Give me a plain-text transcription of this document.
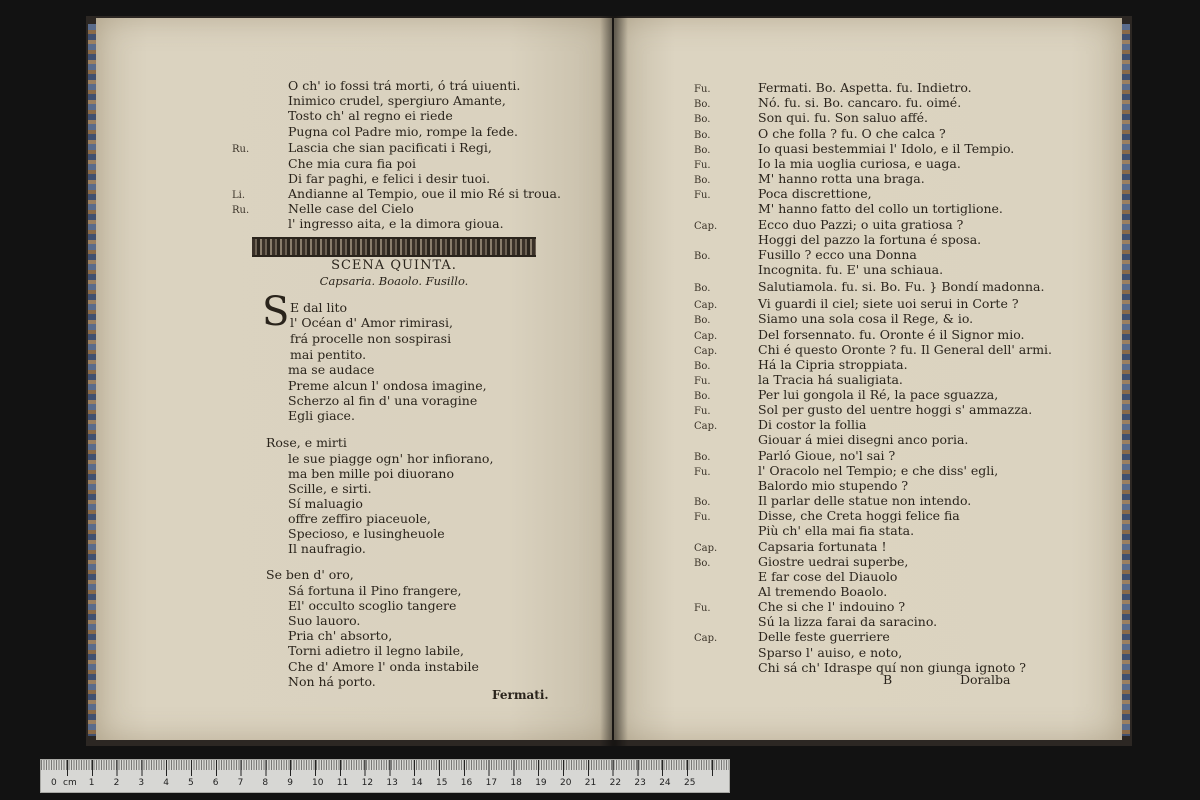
O ch' io fossi trá morti, ó trá uiuenti.
Inimico crudel, spergiuro Amante,
Tosto ch' al regno ei riede
Pugna col Padre mio, rompe la fede.
Ru.	Lascia che sian pacificati i Regi,
Che mia cura fia poi
Di far paghi, e felici i desir tuoi.
Li.	Andianne al Tempio, oue il mio Ré si troua.
Ru.	Nelle case del Cielo
l' ingresso aita, e la dimora gioua.
SCENA QUINTA.
Capsaria. Boaolo. Fusillo.
S E dal lito
l' Océan d' Amor rimirasi,
frá procelle non sospirasi
mai pentito.
ma se audace
Preme alcun l' ondosa imagine,
Scherzo al fin d' una voragine
Egli giace.
Rose, e mirti
le sue piagge ogn' hor infiorano,
ma ben mille poi diuorano
Scille, e sirti.
Sí maluagio
offre zeffiro piaceuole,
Specioso, e lusingheuole
Il naufragio.
Se ben d' oro,
Sá fortuna il Pino frangere,
El' occulto scoglio tangere
Suo lauoro.
Pria ch' absorto,
Torni adietro il legno labile,
Che d' Amore l' onda instabile
Non há porto.
Fermati.
Fu.	Fermati. Bo. Aspetta. fu. Indietro.
Bo.	Nó. fu. si. Bo. cancaro. fu. oimé.
Bo.	Son qui. fu. Son saluo affé.
Bo.	O che folla ? fu. O che calca ?
Bo.	Io quasi bestemmiai l' Idolo, e il Tempio.
Fu.	Io la mia uoglia curiosa, e uaga.
Bo.	M' hanno rotta una braga.
Fu.	Poca discrettione,
M' hanno fatto del collo un tortiglione.
Cap.	Ecco duo Pazzi; o uita gratiosa ?
Hoggi del pazzo la fortuna é sposa.
Bo.	Fusillo ? ecco una Donna
Incognita. fu. E' una schiaua.
Bo.	Salutiamola. fu. si. Bo. Fu. } Bondí madonna.
Cap.	Vi guardi il ciel; siete uoi serui in Corte ?
Bo.	Siamo una sola cosa il Rege, & io.
Cap.	Del forsennato. fu. Oronte é il Signor mio.
Cap.	Chi é questo Oronte ? fu. Il General dell' armi.
Bo.	Há la Cipria stroppiata.
Fu.	la Tracia há sualigiata.
Bo.	Per lui gongola il Ré, la pace sguazza,
Fu.	Sol per gusto del uentre hoggi s' ammazza.
Cap.	Di costor la follia
Giouar á miei disegni anco poria.
Bo.	Parló Gioue, no'l sai ?
Fu.	l' Oracolo nel Tempio; e che diss' egli,
Balordo mio stupendo ?
Bo.	Il parlar delle statue non intendo.
Fu.	Disse, che Creta hoggi felice fia
Più ch' ella mai fia stata.
Cap.	Capsaria fortunata !
Bo.	Giostre uedrai superbe,
E far cose del Diauolo
Al tremendo Boaolo.
Fu.	Che si che l' indouino ?
Sú la lizza farai da saracino.
Cap.	Delle feste guerriere
Sparso l' auiso, e noto,
Chi sá ch' Idraspe quí non giunga ignoto ?
B	Doralba
cm
0	1 2 3 4 5 6 7 8 9 10 11 12 13 14 15 16 17 18 19 20 21 22 23 24 25
